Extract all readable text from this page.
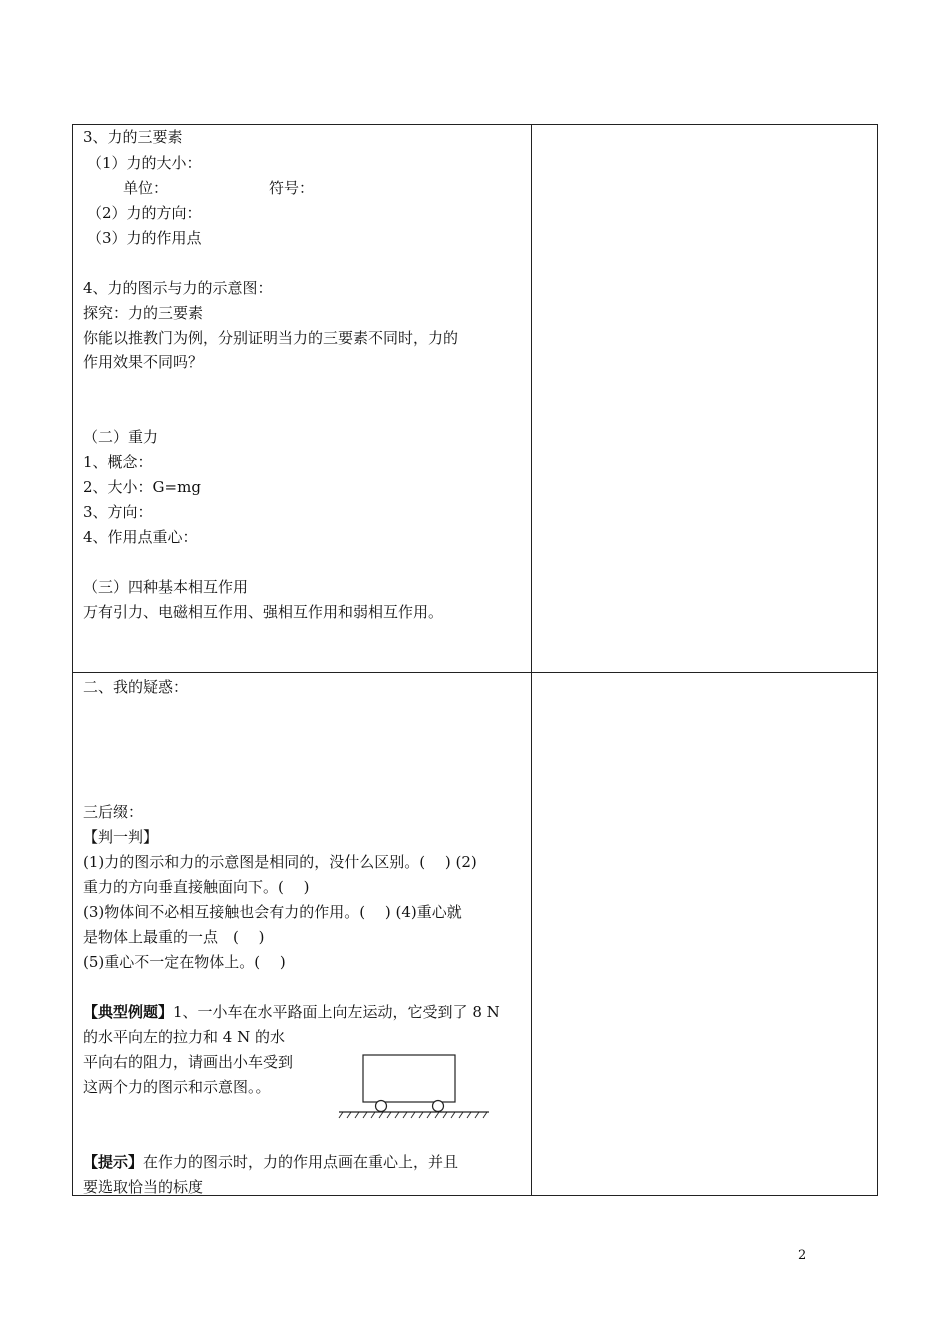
3、力的三要素
（1）力的大小：
单位：	符号：
（2）力的方向：
（3）力的作用点
4、力的图示与力的示意图：
探究：力的三要素
你能以推教门为例，分别证明当力的三要素不同时，力的
作用效果不同吗？
（二）重力
1、概念：
2、大小：G=mg
3、方向：
4、作用点重心：
（三）四种基本相互作用
万有引力、电磁相互作用、强相互作用和弱相互作用。
二、我的疑惑：
三后缀：
【判一判】
(1)力的图示和力的示意图是相同的，没什么区别。(　 ) (2)
重力的方向垂直接触面向下。(　 )
(3)物体间不必相互接触也会有力的作用。(　 ) (4)重心就
是物体上最重的一点　(　 )
(5)重心不一定在物体上。(　 )
【典型例题】1、一小车在水平路面上向左运动，它受到了 8 N
的水平向左的拉力和 4 N 的水
平向右的阻力，请画出小车受到
这两个力的图示和示意图。。
【提示】在作力的图示时，力的作用点画在重心上，并且
要选取恰当的标度
2
